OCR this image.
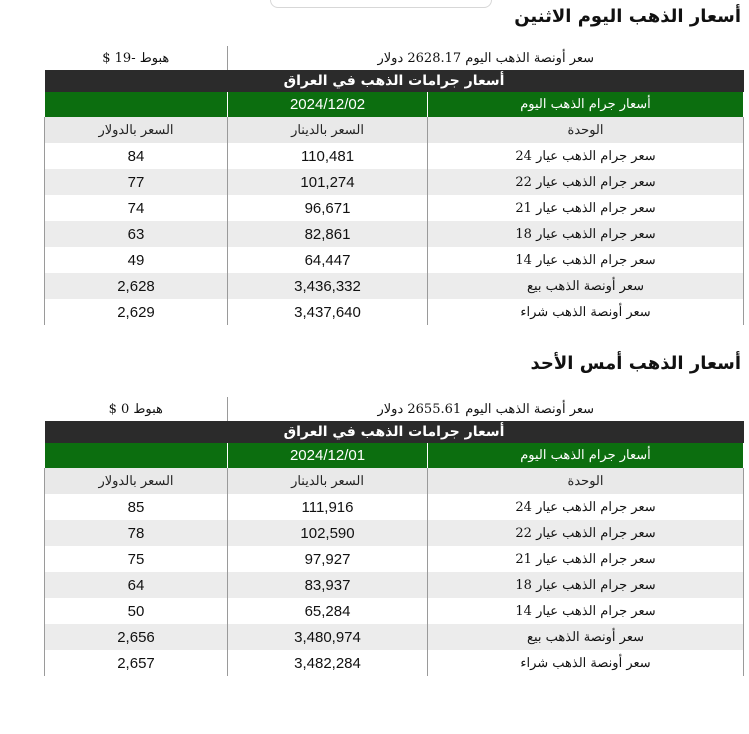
أسعار الذهب اليوم الاثنين
سعر أونصة الذهب اليوم 2628.17 دولار		هبوط -19 $
أسعار جرامات الذهب في العراق		
أسعار جرام الذهب اليوم	2024/12/02	
الوحدة	السعر بالدينار	السعر بالدولار
سعر جرام الذهب عيار 24	110,481	84
سعر جرام الذهب عيار 22	101,274	77
سعر جرام الذهب عيار 21	96,671	74
سعر جرام الذهب عيار 18	82,861	63
سعر جرام الذهب عيار 14	64,447	49
سعر أونصة الذهب بيع	3,436,332	2,628
سعر أونصة الذهب شراء	3,437,640	2,629
أسعار الذهب أمس الأحد
سعر أونصة الذهب اليوم 2655.61 دولار		هبوط 0 $
أسعار جرامات الذهب في العراق		
أسعار جرام الذهب اليوم	2024/12/01	
الوحدة	السعر بالدينار	السعر بالدولار
سعر جرام الذهب عيار 24	111,916	85
سعر جرام الذهب عيار 22	102,590	78
سعر جرام الذهب عيار 21	97,927	75
سعر جرام الذهب عيار 18	83,937	64
سعر جرام الذهب عيار 14	65,284	50
سعر أونصة الذهب بيع	3,480,974	2,656
سعر أونصة الذهب شراء	3,482,284	2,657
